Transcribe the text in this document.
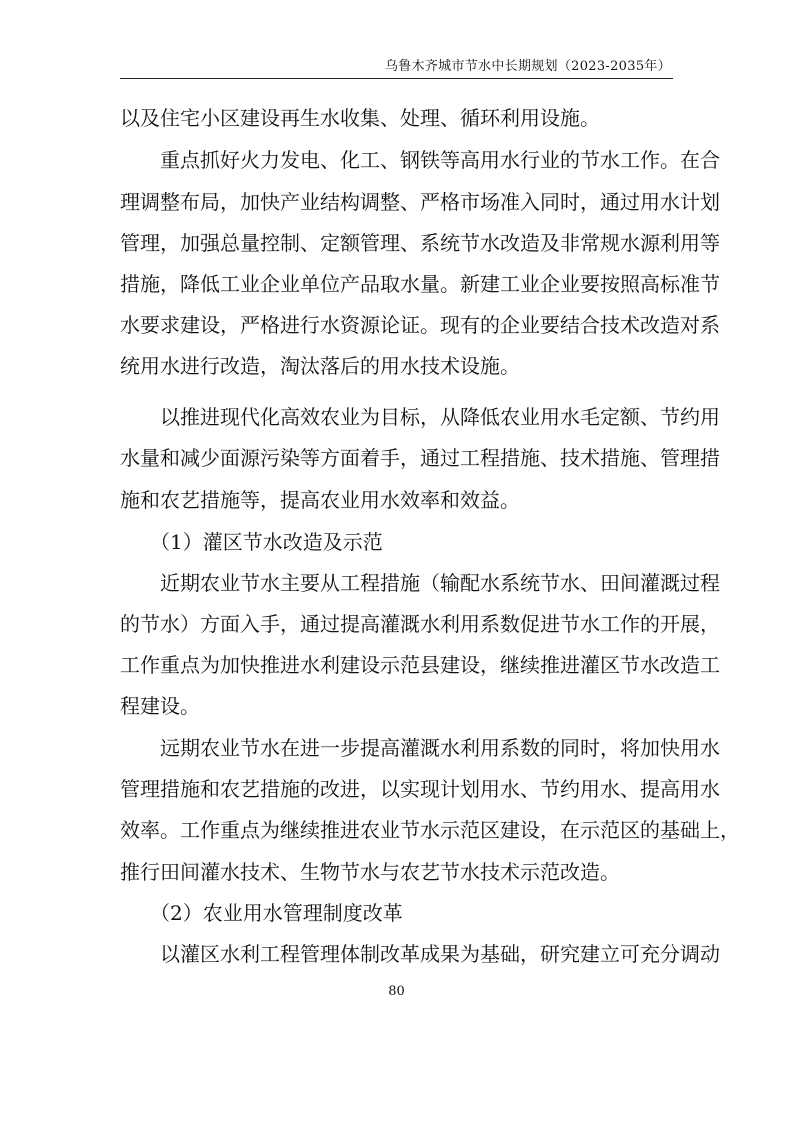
乌鲁木齐城市节水中长期规划（2023-2035年）
以及住宅小区建设再生水收集、处理、循环利用设施。
　　重点抓好火力发电、化工、钢铁等高用水行业的节水工作。在合
理调整布局，加快产业结构调整、严格市场准入同时，通过用水计划
管理，加强总量控制、定额管理、系统节水改造及非常规水源利用等
措施，降低工业企业单位产品取水量。新建工业企业要按照高标准节
水要求建设，严格进行水资源论证。现有的企业要结合技术改造对系
统用水进行改造，淘汰落后的用水技术设施。
　　以推进现代化高效农业为目标，从降低农业用水毛定额、节约用
水量和减少面源污染等方面着手，通过工程措施、技术措施、管理措
施和农艺措施等，提高农业用水效率和效益。
　　（1）灌区节水改造及示范
　　近期农业节水主要从工程措施（输配水系统节水、田间灌溉过程
的节水）方面入手，通过提高灌溉水利用系数促进节水工作的开展，
工作重点为加快推进水利建设示范县建设，继续推进灌区节水改造工
程建设。
　　远期农业节水在进一步提高灌溉水利用系数的同时，将加快用水
管理措施和农艺措施的改进，以实现计划用水、节约用水、提高用水
效率。工作重点为继续推进农业节水示范区建设，在示范区的基础上，
推行田间灌水技术、生物节水与农艺节水技术示范改造。
　　（2）农业用水管理制度改革
　　以灌区水利工程管理体制改革成果为基础，研究建立可充分调动
80
